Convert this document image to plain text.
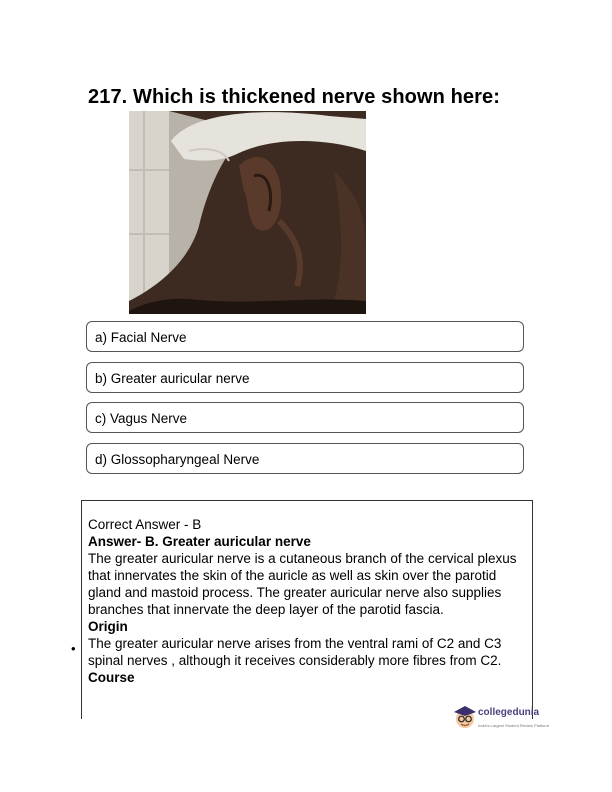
217. Which is thickened nerve shown here:
a) Facial Nerve
b) Greater auricular nerve
c) Vagus Nerve
d) Glossopharyngeal Nerve

Correct Answer - B

Answer- B. Greater auricular nerve

The greater auricular nerve is a cutaneous branch of the cervical plexus that innervates the skin of the auricle as well as skin over the parotid gland and mastoid process. The greater auricular nerve also supplies branches that innervate the deep layer of the parotid fascia.

Origin

The greater auricular nerve arises from the ventral rami of C2 and C3 spinal nerves , although it receives considerably more fibres from C2.

Course

•
collegedunia
India's Largest Student Review Platform
